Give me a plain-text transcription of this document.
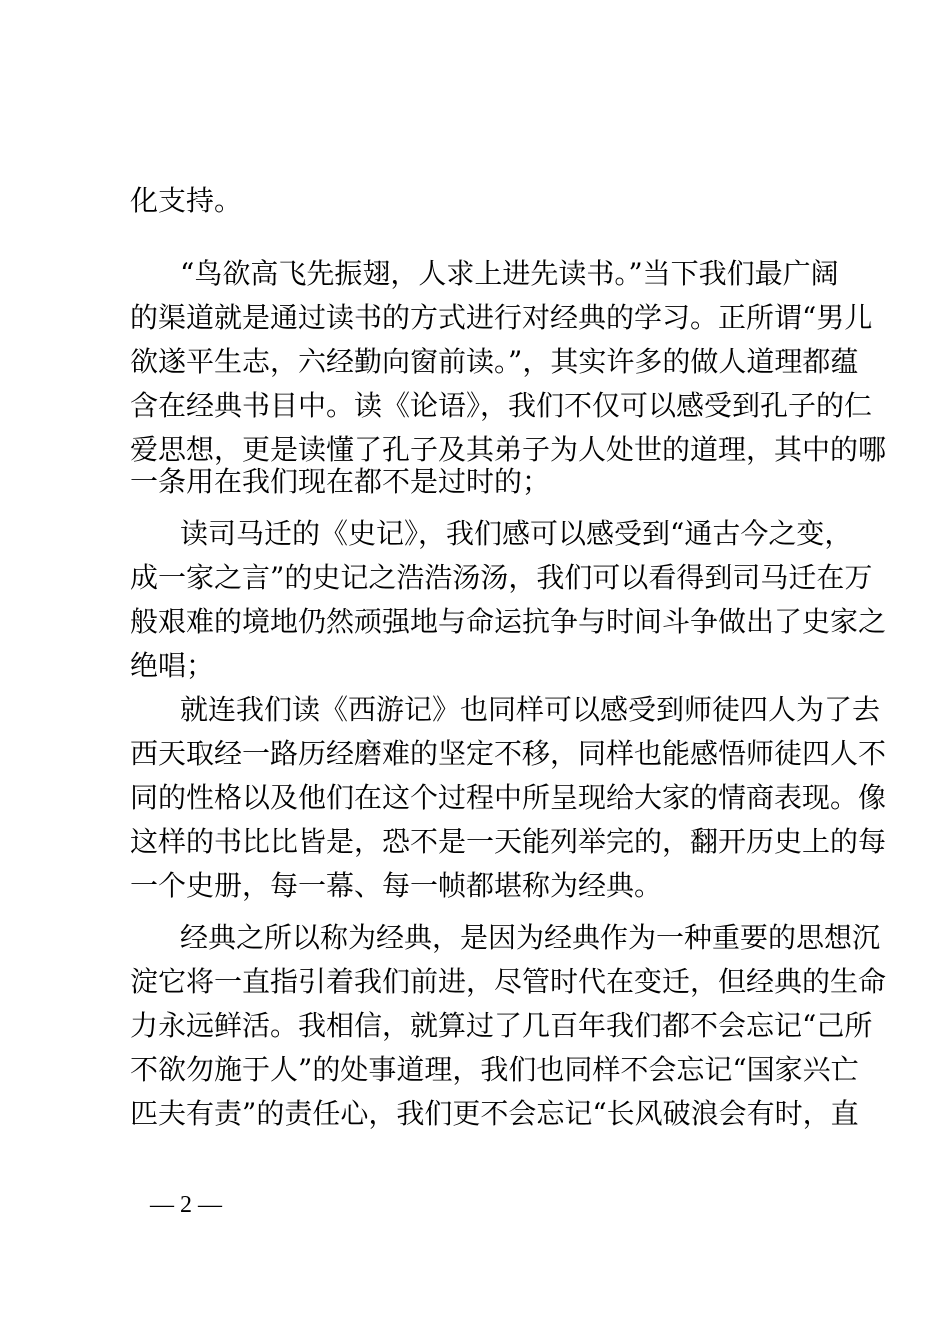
化支持。
“鸟欲高飞先振翅，人求上进先读书。”当下我们最广阔
的渠道就是通过读书的方式进行对经典的学习。正所谓“男儿
欲遂平生志，六经勤向窗前读。”，其实许多的做人道理都蕴
含在经典书目中。读《论语》，我们不仅可以感受到孔子的仁
爱思想，更是读懂了孔子及其弟子为人处世的道理，其中的哪
一条用在我们现在都不是过时的；
读司马迁的《史记》，我们感可以感受到“通古今之变，
成一家之言”的史记之浩浩汤汤，我们可以看得到司马迁在万
般艰难的境地仍然顽强地与命运抗争与时间斗争做出了史家之
绝唱；
就连我们读《西游记》也同样可以感受到师徒四人为了去
西天取经一路历经磨难的坚定不移，同样也能感悟师徒四人不
同的性格以及他们在这个过程中所呈现给大家的情商表现。像
这样的书比比皆是，恐不是一天能列举完的，翻开历史上的每
一个史册，每一幕、每一帧都堪称为经典。
经典之所以称为经典，是因为经典作为一种重要的思想沉
淀它将一直指引着我们前进，尽管时代在变迁，但经典的生命
力永远鲜活。我相信，就算过了几百年我们都不会忘记“己所
不欲勿施于人”的处事道理，我们也同样不会忘记“国家兴亡
匹夫有责”的责任心，我们更不会忘记“长风破浪会有时，直
— 2 —
